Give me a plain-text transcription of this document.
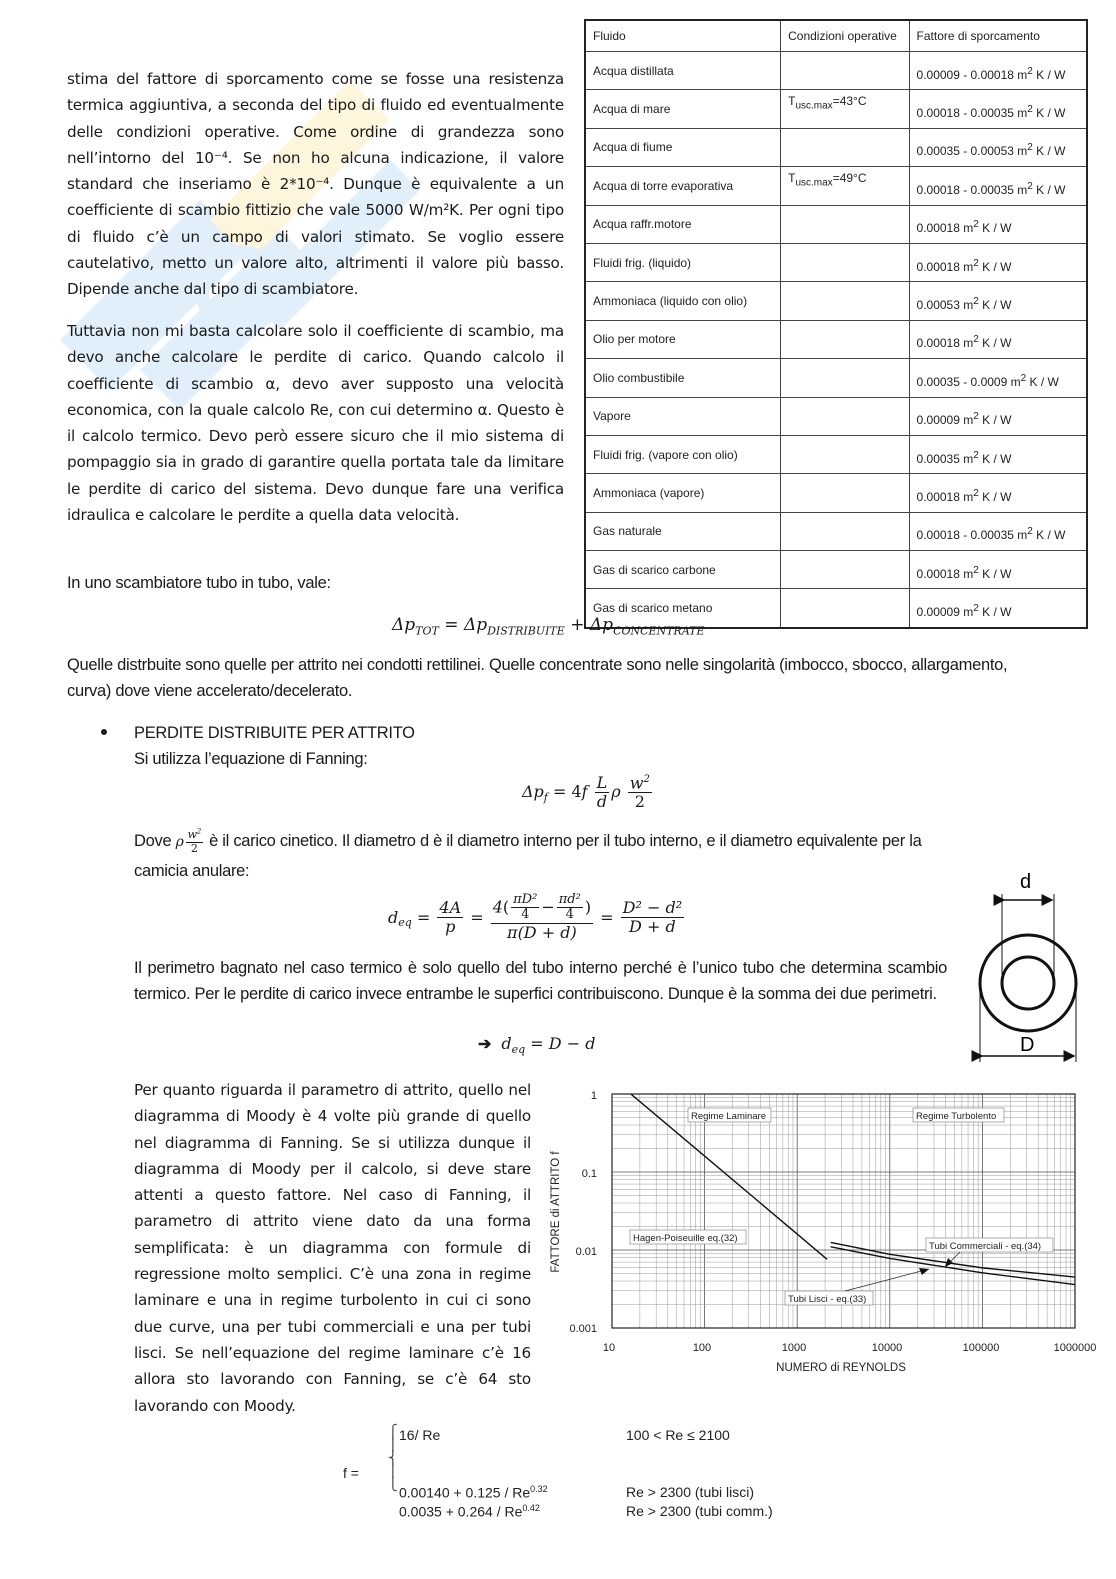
stima del fattore di sporcamento come se fosse una resistenza termica aggiuntiva, a seconda del tipo di fluido ed eventualmente delle condizioni operative. Come ordine di grandezza sono nell’intorno del 10⁻⁴. Se non ho alcuna indicazione, il valore standard che inseriamo è 2*10⁻⁴. Dunque è equivalente a un coefficiente di scambio fittizio che vale 5000 W/m²K. Per ogni tipo di fluido c’è un campo di valori stimato. Se voglio essere cautelativo, metto un valore alto, altrimenti il valore più basso. Dipende anche dal tipo di scambiatore.
Tuttavia non mi basta calcolare solo il coefficiente di scambio, ma devo anche calcolare le perdite di carico. Quando calcolo il coefficiente di scambio α, devo aver supposto una velocità economica, con la quale calcolo Re, con cui determino α. Questo è il calcolo termico. Devo però essere sicuro che il mio sistema di pompaggio sia in grado di garantire quella portata tale da limitare le perdite di carico del sistema. Devo dunque fare una verifica idraulica e calcolare le perdite a quella data velocità.
Fluido	Condizioni operative	Fattore di sporcamento
Acqua distillata		0.00009 - 0.00018 $m^2$ K / W
Acqua di mare	$T_{usc.max}=43^\circ C$	0.00018 - 0.00035 $m^2$ K / W
Acqua di fiume		0.00035 - 0.00053 $m^2$ K / W
Acqua di torre evaporativa	$T_{usc.max}=49^\circ C$	0.00018 - 0.00035 $m^2$ K / W
Acqua raffr.motore		0.00018 $m^2$ K / W
Fluidi frig. (liquido)		0.00018 $m^2$ K / W
Ammoniaca (liquido con olio)		0.00053 $m^2$ K / W
Olio per motore		0.00018 $m^2$ K / W
Olio combustibile		0.00035 - 0.0009 $m^2$ K / W
Vapore		0.00009 $m^2$ K / W
Fluidi frig. (vapore con olio)		0.00035 $m^2$ K / W
Ammoniaca (vapore)		0.00018 $m^2$ K / W
Gas naturale		0.00018 - 0.00035 $m^2$ K / W
Gas di scarico carbone		0.00018 $m^2$ K / W
Gas di scarico metano		0.00009 $m^2$ K / W
In uno scambiatore tubo in tubo, vale:
$\Delta p_{TOT} = \Delta p_{DISTRIBUITE} + \Delta p_{CONCENTRATE}$
Quelle distrbuite sono quelle per attrito nei condotti rettilinei. Quelle concentrate sono nelle singolarità (imbocco, sbocco, allargamento, curva) dove viene accelerato/decelerato.
PERDITE DISTRIBUITE PER ATTRITO
Si utilizza l’equazione di Fanning:
$\Delta p_f = 4f \frac{L}{d}$ ρ $\frac{w^2}{2}$
Dove ρ $\frac{w^2}{2}$ è il carico cinetico. Il diametro d è il diametro interno per il tubo interno, e il diametro equivalente per la
camicia anulare:
$d_{eq} = \frac{4A}{p} = \frac{4( \frac{\text{πD²}}{4} - \frac{\text{πd²}}{4} )}{\pi(D + d)} = \frac{\text{D² − d²}}{D + d}$
Il perimetro bagnato nel caso termico è solo quello del tubo interno perché è l’unico tubo che determina scambio termico. Per le perdite di carico invece entrambe le superfici contribuiscono. Dunque è la somma dei due perimetri.
➔ $d_{eq} = D - d$
d
D
Per quanto riguarda il parametro di attrito, quello nel diagramma di Moody è 4 volte più grande di quello nel diagramma di Fanning. Se si utilizza dunque il diagramma di Moody per il calcolo, si deve stare attenti a questo fattore. Nel caso di Fanning, il parametro di attrito viene dato da una forma semplificata: è un diagramma con formule di regressione molto semplici. C’è una zona in regime laminare e una in regime turbolento in cui ci sono due curve, una per tubi commerciali e una per tubi lisci. Se nell’equazione del regime laminare c’è 16 allora sto lavorando con Fanning, se c’è 64 sto lavorando con Moody.
1
0.1
0.01
0.001
10	100	1000	10000	100000	1000000
NUMERO di REYNOLDS
FATTORE di ATTRITO f
Regime Laminare	Regime Turbolento
Hagen-Poiseuille eq.(32)
Tubi Commerciali - eq.(34)
Tubi Lisci - eq.(33)
f =
⎧
⎪
⎨
⎪
⎩
16/ Re	100 < Re ≤ 2100
$0.00140 + 0.125 / Re^{0.32}$	Re > 2300 (tubi lisci)
$0.0035 + 0.264 / Re^{0.42}$	Re > 2300 (tubi comm.)
